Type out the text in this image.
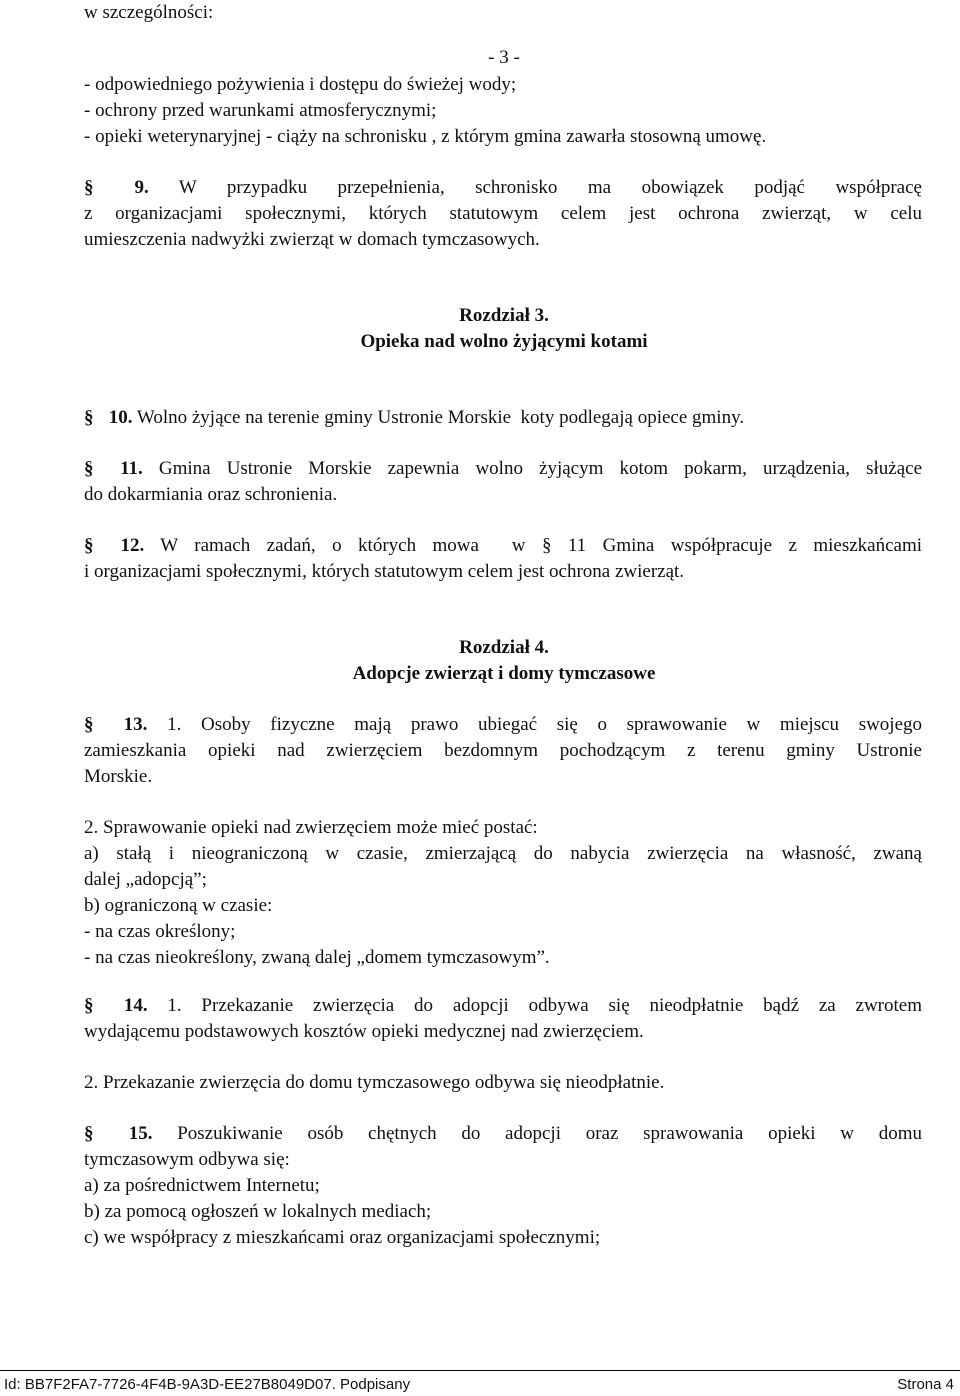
w szczególności:
- 3 -
- odpowiedniego pożywienia i dostępu do świeżej wody;
- ochrony przed warunkami atmosferycznymi;
- opieki weterynaryjnej - ciąży na schronisku , z którym gmina zawarła stosowną umowę.
§ 9. W przypadku przepełnienia, schronisko ma obowiązek podjąć współpracę
z organizacjami społecznymi, których statutowym celem jest ochrona zwierząt, w celu
umieszczenia nadwyżki zwierząt w domach tymczasowych.
Rozdział 3.
Opieka nad wolno żyjącymi kotami
§ 10. Wolno żyjące na terenie gminy Ustronie Morskie  koty podlegają opiece gminy.
§ 11. Gmina Ustronie Morskie zapewnia wolno żyjącym kotom pokarm, urządzenia, służące
do dokarmiania oraz schronienia.
§ 12. W ramach zadań, o których mowa  w § 11 Gmina współpracuje z mieszkańcami
i organizacjami społecznymi, których statutowym celem jest ochrona zwierząt.
Rozdział 4.
Adopcje zwierząt i domy tymczasowe
§ 13. 1. Osoby fizyczne mają prawo ubiegać się o sprawowanie w miejscu swojego
zamieszkania opieki nad zwierzęciem bezdomnym pochodzącym z terenu gminy Ustronie
Morskie.
2. Sprawowanie opieki nad zwierzęciem może mieć postać:
a) stałą i nieograniczoną w czasie, zmierzającą do nabycia zwierzęcia na własność, zwaną
dalej „adopcją”;
b) ograniczoną w czasie:
- na czas określony;
- na czas nieokreślony, zwaną dalej „domem tymczasowym”.
§ 14. 1. Przekazanie zwierzęcia do adopcji odbywa się nieodpłatnie bądź za zwrotem
wydającemu podstawowych kosztów opieki medycznej nad zwierzęciem.
2. Przekazanie zwierzęcia do domu tymczasowego odbywa się nieodpłatnie.
§ 15. Poszukiwanie osób chętnych do adopcji oraz sprawowania opieki w domu
tymczasowym odbywa się:
a) za pośrednictwem Internetu;
b) za pomocą ogłoszeń w lokalnych mediach;
c) we współpracy z mieszkańcami oraz organizacjami społecznymi;
Id: BB7F2FA7-7726-4F4B-9A3D-EE27B8049D07. Podpisany	Strona 4
